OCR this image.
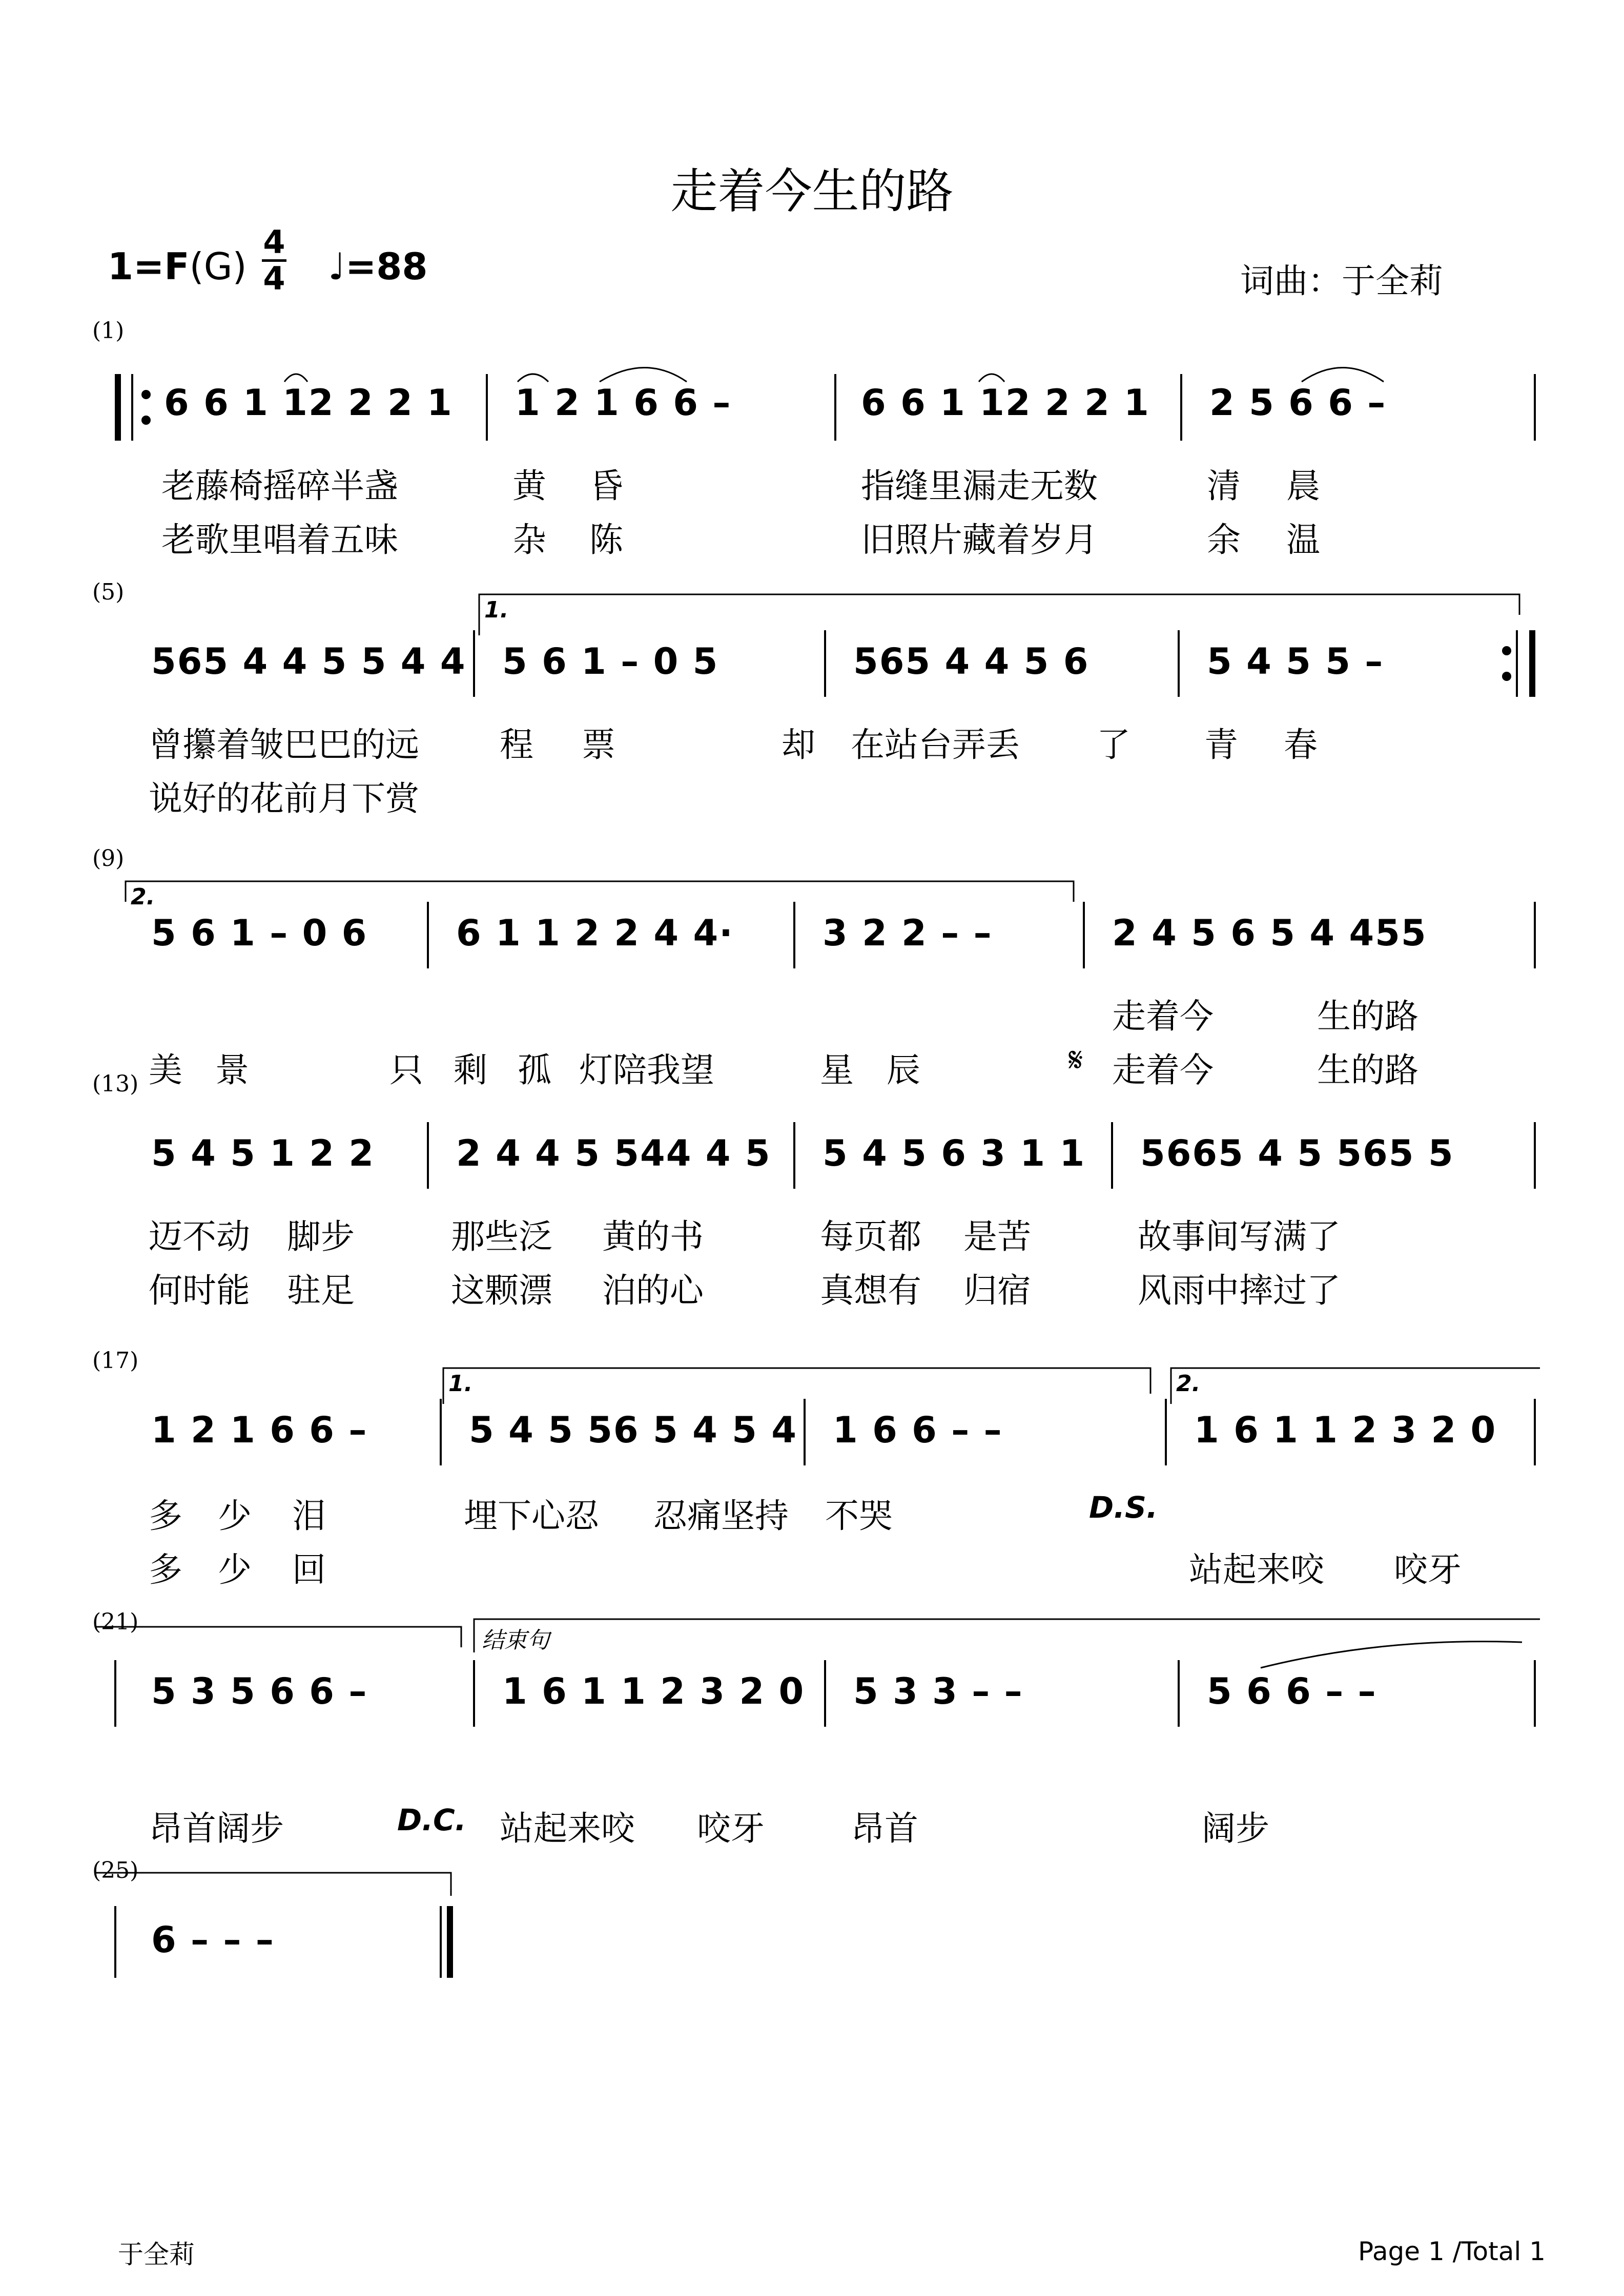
走着今生的路
1=F(G)
4
4 ♩=88	词曲：于全莉
(1)
(5)
(9)
(13)
(17)
(21)
(25)
1.
2.
1.	2.
结束句
6 6 1 12 2 2 1 1 2 1 6 6 –	6 6 1 12 2 2 1 2 5 6 6 –
565 4 4 5 5 4 4 5 6 1 – 0 5	565 4 4 5 6	5 4 5 5 –
5 6 1 – 0 6 6 1 1 2 2 4 4· 3 2 2 – –	2 4 5 6 5 4 455
5 4 5 1 2 2 2 4 4 5 544 4 5 5 4 5 6 3 1 1 5665 4 5 565 5
1 2 1 6 6 –	5 4 5 56 5 4 5 4 1 6 6 – –	1 6 1 1 2 3 2 0
5 3 5 6 6 –	1 6 1 1 2 3 2 0 5 3 3 – –	5 6 6 – –
6 – – –
老藤椅摇碎半盏	黄 昏	指缝里漏走无数	清 晨
老歌里唱着五味	杂 陈	旧照片藏着岁月	余 温
曾攥着皱巴巴的远 程 票	却 在站台弄丢 了 青 春
说好的花前月下赏
走着今	生的路
美 景	只 剩 孤 灯陪我望	星 辰	𝄋 走着今	生的路
迈不动 脚步	那些泛 黄的书	每页都 是苦	故事间写满了
何时能 驻足	这颗漂 泊的心	真想有 归宿	风雨中摔过了
多 少 泪	埋下心忍 忍痛坚持 不哭	D.S.
多 少 回	站起来咬 咬牙
昂首阔步	D.C. 站起来咬 咬牙	昂首	阔步
于全莉	Page 1 /Total 1
